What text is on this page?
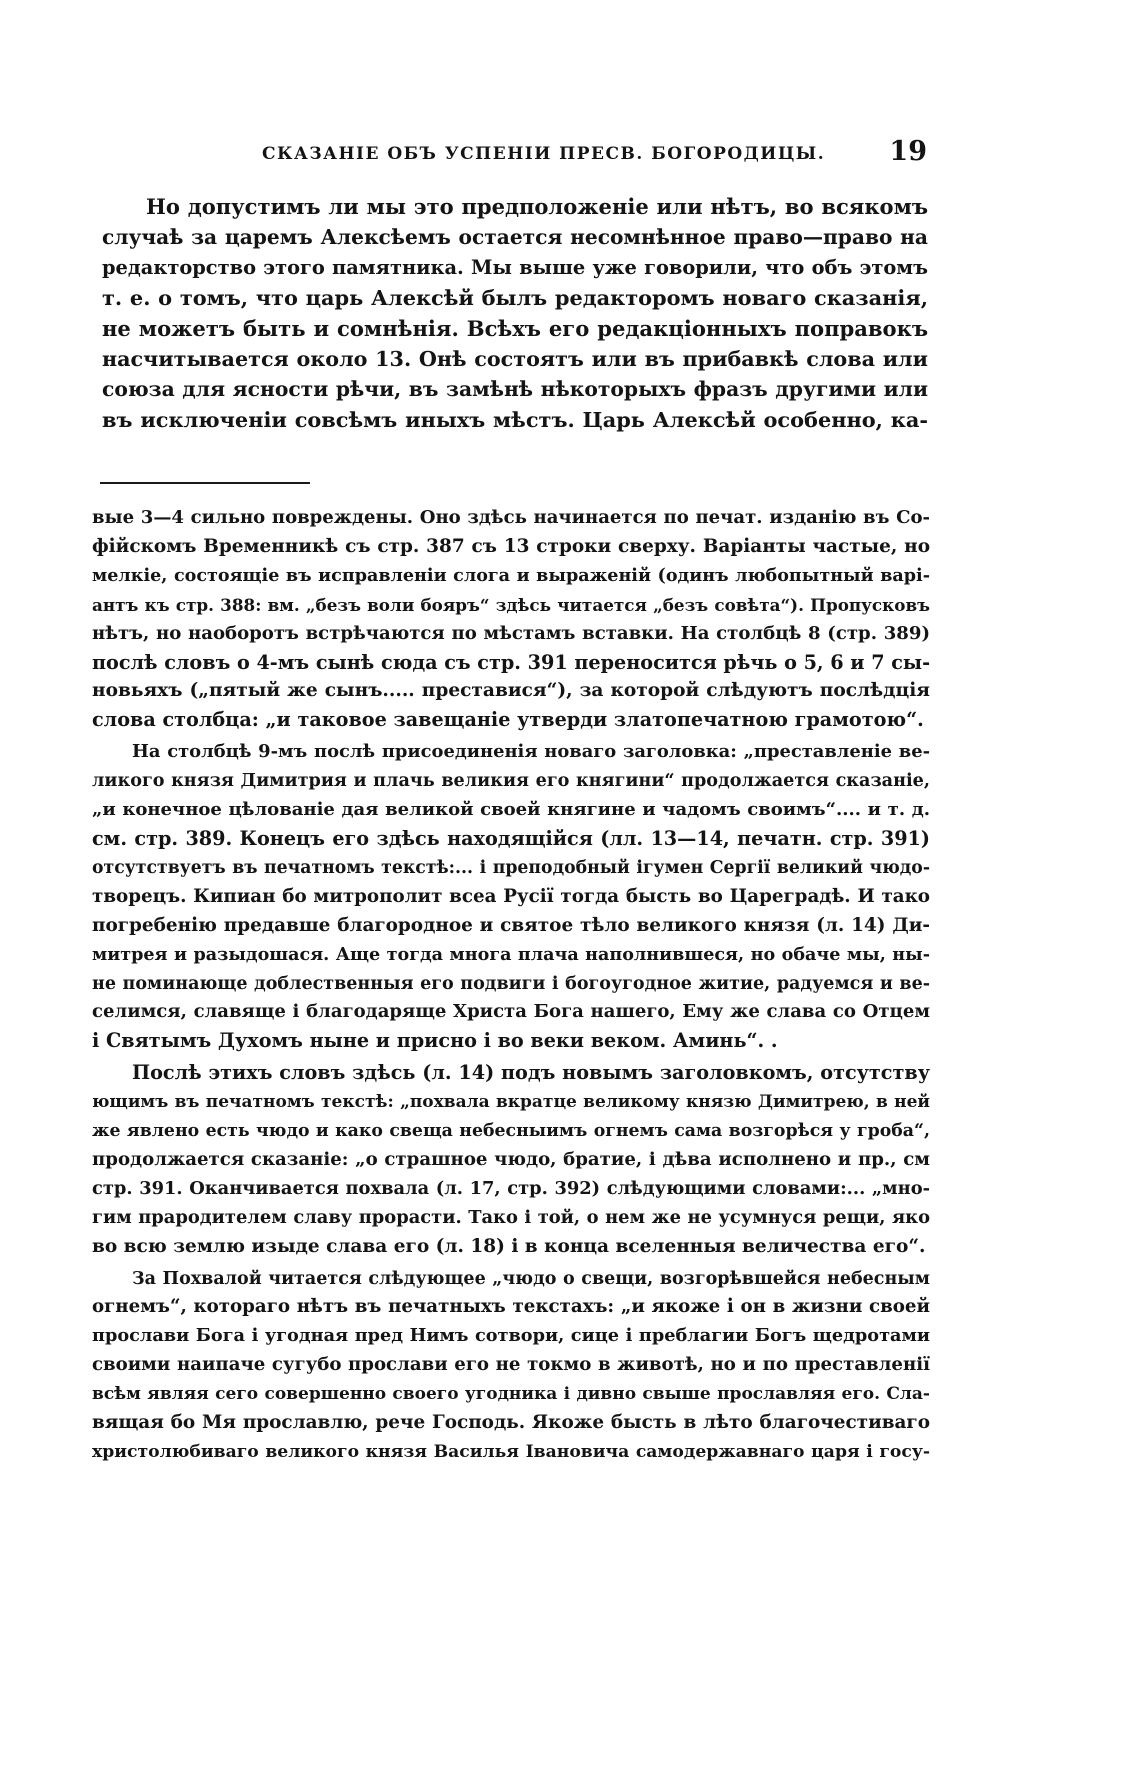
СКАЗАНІЕ ОБЪ УСПЕНІИ ПРЕСВ. БОГОРОДИЦЫ. 19
Но допустимъ ли мы это предположеніе или нѣтъ, во всякомъ
случаѣ за царемъ Алексѣемъ остается несомнѣнное право—право на
редакторство этого памятника. Мы выше уже говорили, что объ этомъ
т. е. о томъ, что царь Алексѣй былъ редакторомъ новаго сказанія,
не можетъ быть и сомнѣнія. Всѣхъ его редакціонныхъ поправокъ
насчитывается около 13. Онѣ состоятъ или въ прибавкѣ слова или
союза для ясности рѣчи, въ замѣнѣ нѣкоторыхъ фразъ другими или
въ исключеніи совсѣмъ иныхъ мѣстъ. Царь Алексѣй особенно, ка-
вые 3—4 сильно повреждены. Оно здѣсь начинается по печат. изданію въ Со-
фійскомъ Временникѣ съ стр. 387 съ 13 строки сверху. Варіанты частые, но
мелкіе, состоящіе въ исправленіи слога и выраженій (одинъ любопытный варі-
антъ къ стр. 388: вм. „безъ воли бояръ“ здѣсь читается „безъ совѣта“). Пропусковъ
нѣтъ, но наоборотъ встрѣчаются по мѣстамъ вставки. На столбцѣ 8 (стр. 389)
послѣ словъ о 4-мъ сынѣ сюда съ стр. 391 переносится рѣчь о 5, 6 и 7 сы-
новьяхъ („пятый же сынъ..... преставися“), за которой слѣдуютъ послѣдція
слова столбца: „и таковое завещаніе утверди златопечатною грамотою“.
На столбцѣ 9-мъ послѣ присоединенія новаго заголовка: „преставленіе ве-
ликого князя Димитрия и плачь великия его княгини“ продолжается сказаніе,
„и конечное цѣлованіе дая великой своей княгине и чадомъ своимъ“.... и т. д.
см. стр. 389. Конецъ его здѣсь находящійся (лл. 13—14, печатн. стр. 391)
отсутствуетъ въ печатномъ текстѣ:... і преподобный ігумен Сергії великий чюдо-
творецъ. Кипиан бо митрополит всеа Русії тогда бысть во Цареградѣ. И тако
погребенію предавше благородное и святое тѣло великого князя (л. 14) Ди-
митрея и разыдошася. Аще тогда многа плача наполнившеся, но обаче мы, ны-
не поминающе доблественныя его подвиги і богоугодное житие, радуемся и ве-
селимся, славяще і благодаряще Христа Бога нашего, Ему же слава со Отцем
і Святымъ Духомъ ныне и присно і во веки веком. Аминь“. .
Послѣ этихъ словъ здѣсь (л. 14) подъ новымъ заголовкомъ, отсутству
ющимъ въ печатномъ текстѣ: „похвала вкратце великому князю Димитрею, в ней
же явлено есть чюдо и како свеща небесныимъ огнемъ сама возгорѣся у гроба“,
продолжается сказаніе: „о страшное чюдо, братие, і дѣва исполнено и пр., см
стр. 391. Оканчивается похвала (л. 17, стр. 392) слѣдующими словами:... „мно-
гим прародителем славу прорасти. Тако і той, о нем же не усумнуся рещи, яко
во всю землю изыде слава его (л. 18) і в конца вселенныя величества его“.
За Похвалой читается слѣдующее „чюдо о свещи, возгорѣвшейся небесным
огнемъ“, котораго нѣтъ въ печатныхъ текстахъ: „и якоже і он в жизни своей
прослави Бога і угодная пред Нимъ сотвори, сице і преблагии Богъ щедротами
своими наипаче сугубо прослави его не токмо в животѣ, но и по преставленії
всѣм являя сего совершенно своего угодника і дивно свыше прославляя его. Сла-
вящая бо Мя прославлю, рече Господь. Якоже бысть в лѣто благочестиваго
христолюбиваго великого князя Василья Івановича самодержавнаго царя і госу-
